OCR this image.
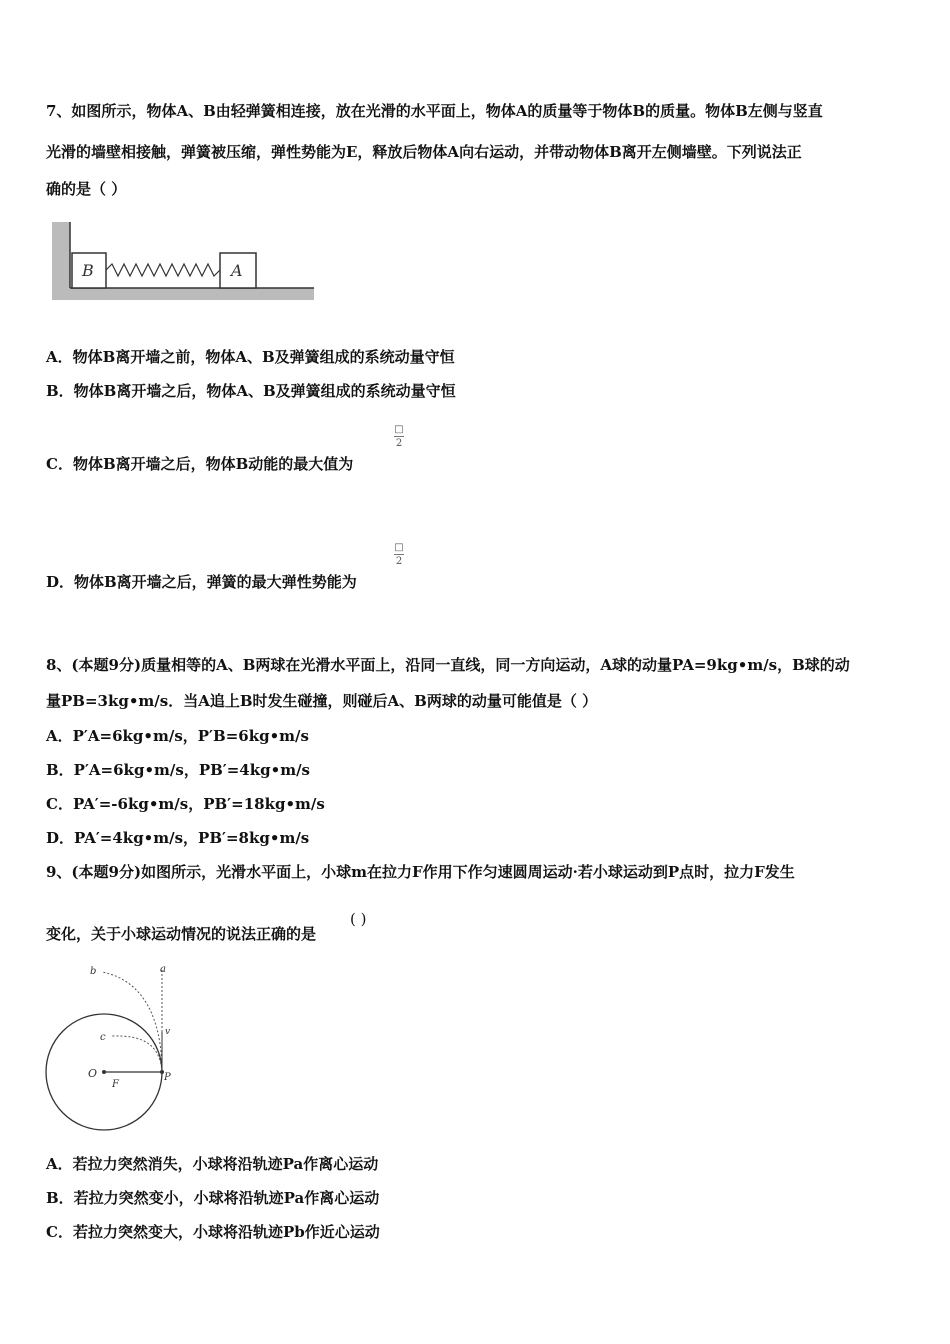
7、如图所示，物体A、B由轻弹簧相连接，放在光滑的水平面上，物体A的质量等于物体B的质量。物体B左侧与竖直
光滑的墙壁相接触，弹簧被压缩，弹性势能为E，释放后物体A向右运动，并带动物体B离开左侧墙壁。下列说法正
确的是（ ）
B	A
A．物体B离开墙之前，物体A、B及弹簧组成的系统动量守恒
B．物体B离开墙之后，物体A、B及弹簧组成的系统动量守恒
C．物体B离开墙之后，物体B动能的最大值为
□
2
D．物体B离开墙之后，弹簧的最大弹性势能为
□
2
8、(本题9分)质量相等的A、B两球在光滑水平面上，沿同一直线，同一方向运动，A球的动量PA=9kg•m/s，B球的动
量PB=3kg•m/s．当A追上B时发生碰撞，则碰后A、B两球的动量可能值是（ ）
A．P′A=6kg•m/s，P′B=6kg•m/s
B．P′A=6kg•m/s，PB′=4kg•m/s
C．PA′=-6kg•m/s，PB′=18kg•m/s
D．PA′=4kg•m/s，PB′=8kg•m/s
9、(本题9分)如图所示，光滑水平面上，小球m在拉力F作用下作匀速圆周运动·若小球运动到P点时，拉力F发生
变化，关于小球运动情况的说法正确的是
( )
b	a
c	v
O
F
P
A．若拉力突然消失，小球将沿轨迹Pa作离心运动
B．若拉力突然变小，小球将沿轨迹Pa作离心运动
C．若拉力突然变大，小球将沿轨迹Pb作近心运动
